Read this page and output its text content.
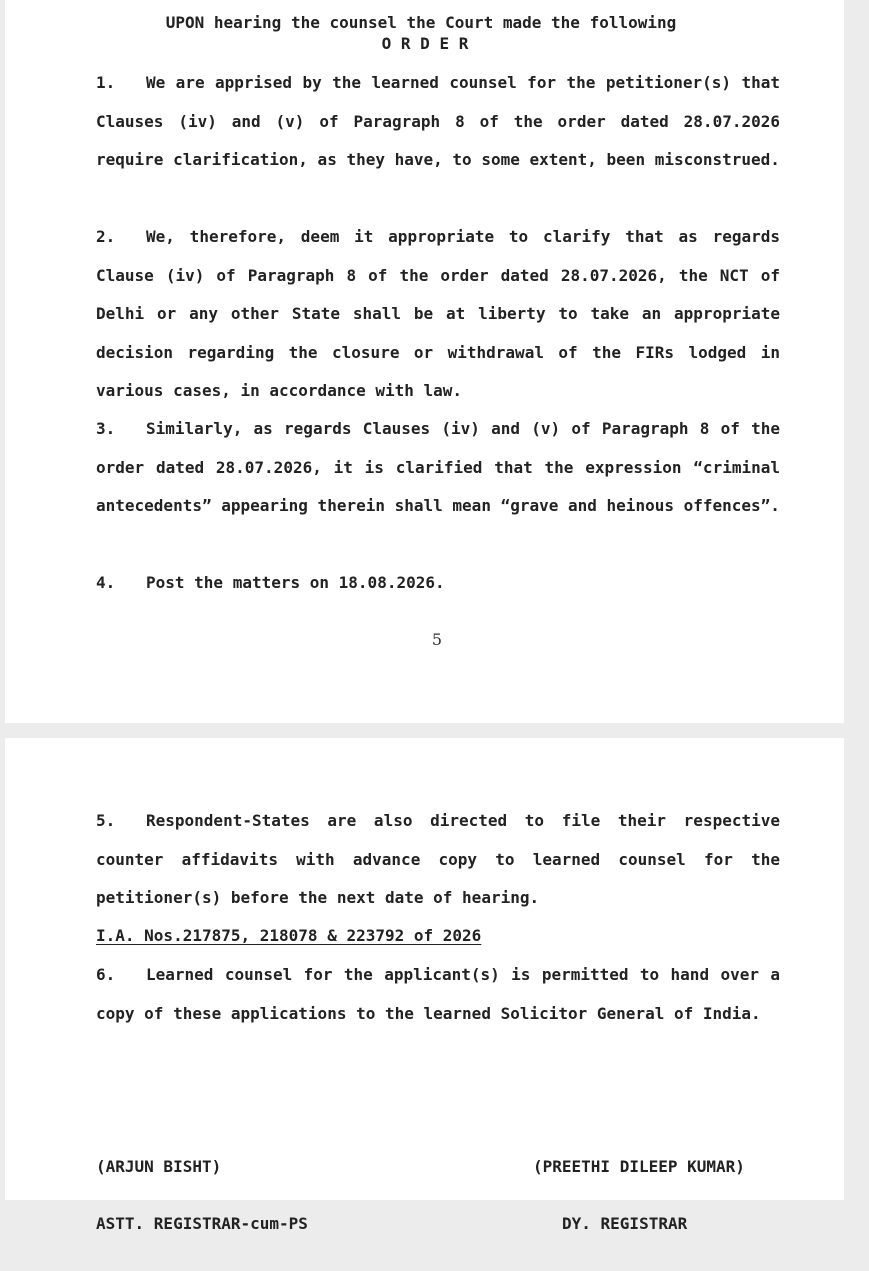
UPON hearing the counsel the Court made the following
O R D E R
1. We are apprised by the learned counsel for the petitioner(s) that Clauses (iv) and (v) of Paragraph 8 of the order dated 28.07.2026 require clarification, as they have, to some extent, been misconstrued.
2. We, therefore, deem it appropriate to clarify that as regards Clause (iv) of Paragraph 8 of the order dated 28.07.2026, the NCT of Delhi or any other State shall be at liberty to take an appropriate decision regarding the closure or withdrawal of the FIRs lodged in various cases, in accordance with law.
3. Similarly, as regards Clauses (iv) and (v) of Paragraph 8 of the order dated 28.07.2026, it is clarified that the expression “criminal antecedents” appearing therein shall mean “grave and heinous offences”.
4. Post the matters on 18.08.2026.
5
5. Respondent-States are also directed to file their respective counter affidavits with advance copy to learned counsel for the petitioner(s) before the next date of hearing.
I.A. Nos.217875, 218078 & 223792 of 2026
6. Learned counsel for the applicant(s) is permitted to hand over a copy of these applications to the learned Solicitor General of India.

(ARJUN BISHT)

ASTT. REGISTRAR-cum-PS

(PREETHI DILEEP KUMAR)

DY. REGISTRAR
